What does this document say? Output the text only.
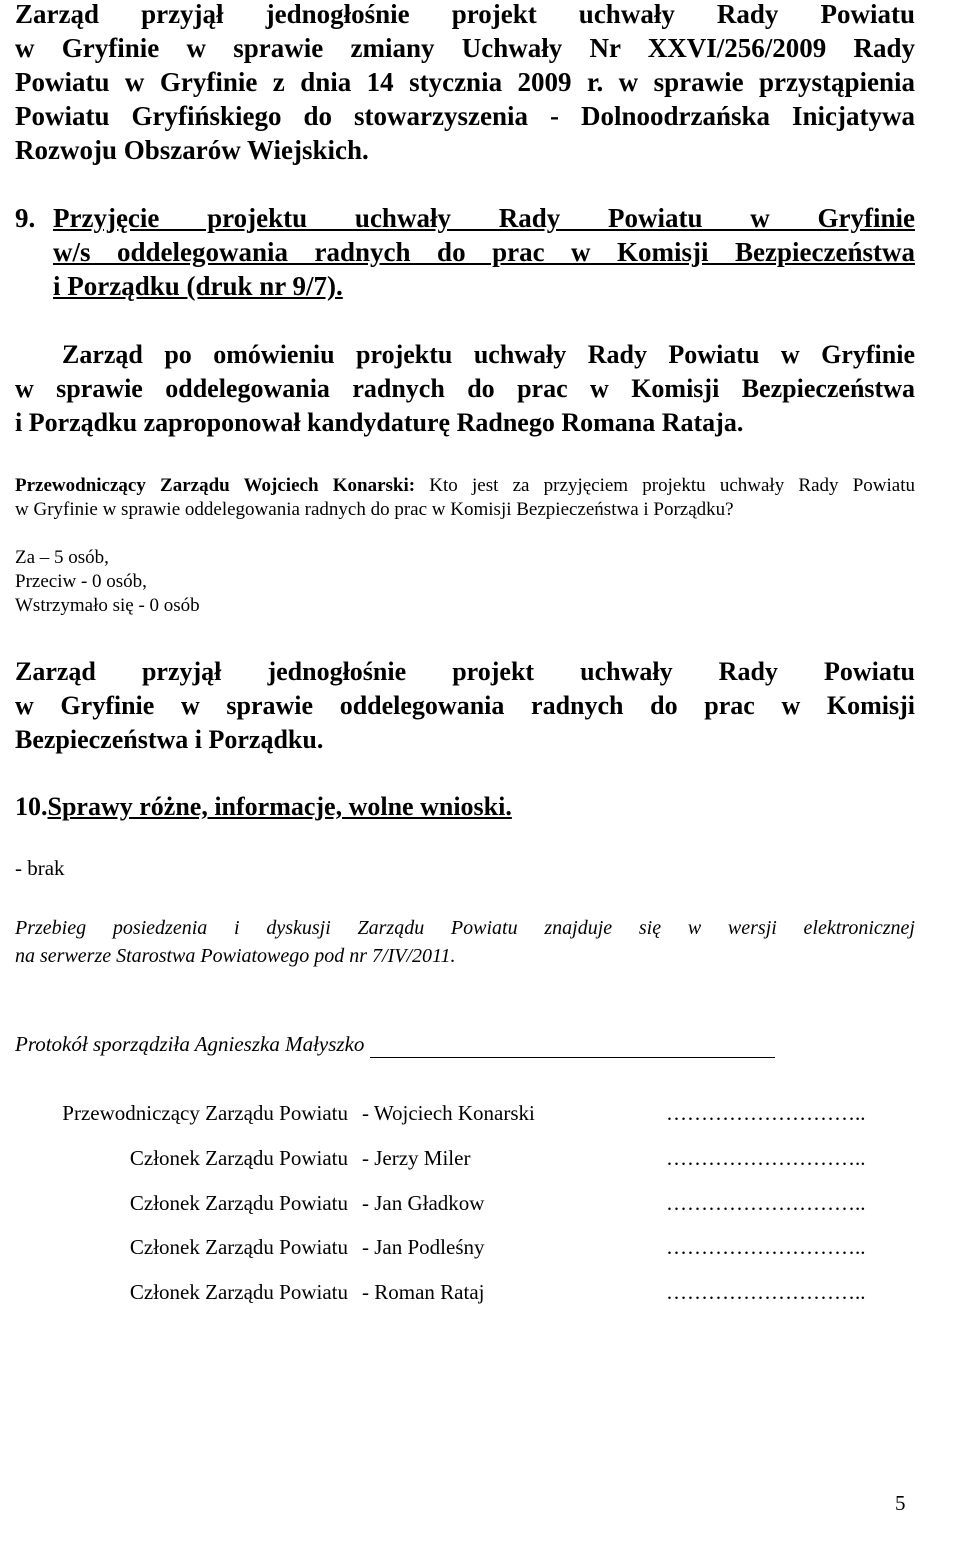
Zarząd przyjął jednogłośnie projekt uchwały Rady Powiatu
w Gryfinie w sprawie zmiany Uchwały Nr XXVI/256/2009 Rady
Powiatu w Gryfinie z dnia 14 stycznia 2009 r. w sprawie przystąpienia
Powiatu Gryfińskiego do stowarzyszenia - Dolnoodrzańska Inicjatywa
Rozwoju Obszarów Wiejskich.
9. Przyjęcie projektu uchwały Rady Powiatu w Gryfinie
w/s oddelegowania radnych do prac w Komisji Bezpieczeństwa
i Porządku (druk nr 9/7).
Zarząd po omówieniu projektu uchwały Rady Powiatu w Gryfinie
w sprawie oddelegowania radnych do prac w Komisji Bezpieczeństwa
i Porządku zaproponował kandydaturę Radnego Romana Rataja.
Przewodniczący Zarządu Wojciech Konarski: Kto jest za przyjęciem projektu uchwały Rady Powiatu
w Gryfinie w sprawie oddelegowania radnych do prac w Komisji Bezpieczeństwa i Porządku?
Za – 5 osób,
Przeciw - 0 osób,
Wstrzymało się - 0 osób
Zarząd przyjął jednogłośnie projekt uchwały Rady Powiatu
w Gryfinie w sprawie oddelegowania radnych do prac w Komisji
Bezpieczeństwa i Porządku.
10.Sprawy różne, informacje, wolne wnioski.
- brak
Przebieg posiedzenia i dyskusji Zarządu Powiatu znajduje się w wersji elektronicznej
na serwerze Starostwa Powiatowego pod nr 7/IV/2011.
Protokół sporządziła Agnieszka Małyszko
Przewodniczący Zarządu Powiatu - Wojciech Konarski	………………………..
Członek Zarządu Powiatu - Jerzy Miler	………………………..
Członek Zarządu Powiatu - Jan Gładkow	………………………..
Członek Zarządu Powiatu - Jan Podleśny	………………………..
Członek Zarządu Powiatu - Roman Rataj	………………………..
5
